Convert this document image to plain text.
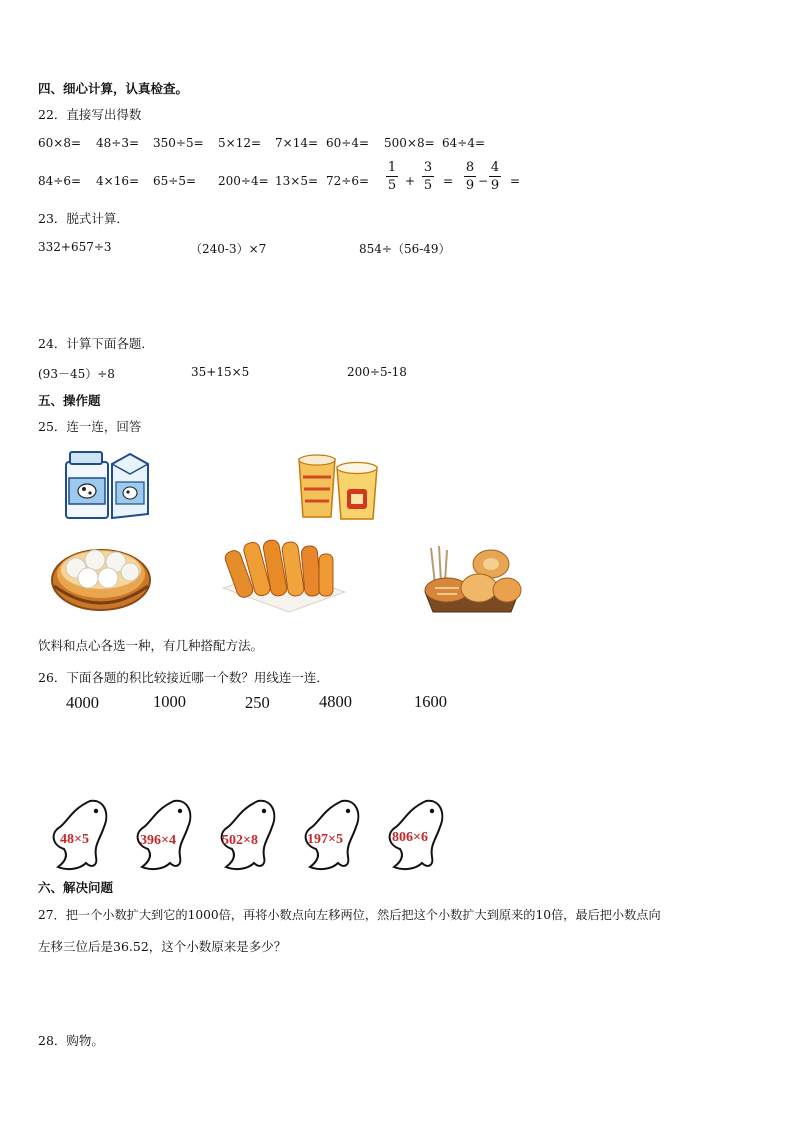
四、细心计算，认真检查。
22．直接写出得数
60×8= 48÷3= 350÷5= 5×12= 7×14= 60÷4= 500×8= 64÷4=
84÷6= 4×16= 65÷5= 200÷4= 13×5= 72÷6=
1
5 +
3
5 =
8
9 −
4
9 =
23．脱式计算．
332+657÷3	（240-3）×7	854÷（56-49）
24．计算下面各题．
(93－45）÷8	35+15×5	200÷5-18
五、操作题
25．连一连，回答
饮料和点心各选一种，有几种搭配方法。
26．下面各题的积比较接近哪一个数？用线连一连．
4000	1000	250	4800	1600
48×5	396×4	502×8	197×5	806×6
六、解决问题
27．把一个小数扩大到它的1000倍，再将小数点向左移两位，然后把这个小数扩大到原来的10倍，最后把小数点向
左移三位后是36.52，这个小数原来是多少？
28．购物。
